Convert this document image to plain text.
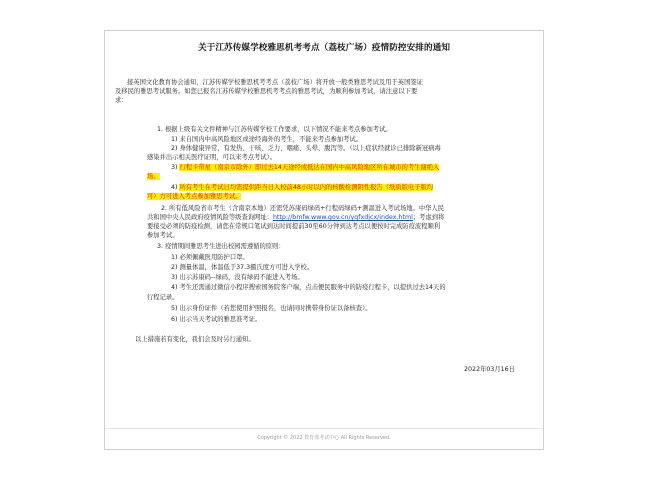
关于江苏传媒学校雅思机考考点（荔枝广场）疫情防控安排的通知
接英国文化教育协会通知，江苏传媒学校雅思机考考点（荔枝广场）将开放一般类雅思考试及用于英国签证
及移民的雅思考试服务。如您已报名江苏传媒学校雅思机考考点的雅思考试，为顺利参加考试，请注意以下要
求：
1. 根据上级有关文件精神与江苏传媒学校工作要求，以下情况不能来考点参加考试。
1) 来自国内中高风险地区或途经海外的考生，不能来考点参加考试。
2) 身体健康异常，有发热、干咳、乏力、咽痛、头晕、腹泻等。（以上症状经就诊已排除新冠病毒
感染并出示相关医疗证明，可以来考点考试）。
3) 行程卡带星（南京市除外）即过去14天途经或抵达在国内中高风险地区所在城市的考生谢绝入
场。
4) 所有考生在考试日均需提供距当日入校前48小时以内的核酸检测阴性报告（纸质版电子版均
可）方可进入考点参加雅思考试。
2. 所有低风险省市考生（含南京本地）还需凭苏康码绿码+行程码绿码+测温进入考试场地。中华人民
共和国中央人民政府疫情风险等级查询网址：http://bmfw.www.gov.cn/yqfxdjcx/index.html；考虑到将
要接受必须的防疫检测，请您在常规口笔试到达时间提前30至60分钟到达考点以便按时完成防疫流程顺利
参加考试。
3. 疫情期间雅思考生进出校园需遵循的原则：
1) 必须佩戴医用防护口罩。
2) 测量体温，体温低于37.3摄氏度方可进入学校。
3) 出示苏康码--绿码，没有绿码不能进入考场。
4) 考生还需通过微信小程序搜索国务院客户端，点击便民服务中的防疫行程卡，以提供过去14天的
行程记录。
5) 出示身份证件（若您使用护照报名，也请同时携带身份证以备核查）。
6) 出示当天考试的雅思准考证。
以上措施若有变化，我们会及时另行通知。
2022年03月16日
Copyright © 2022 教育部考试中心 All Rights Reserved.
